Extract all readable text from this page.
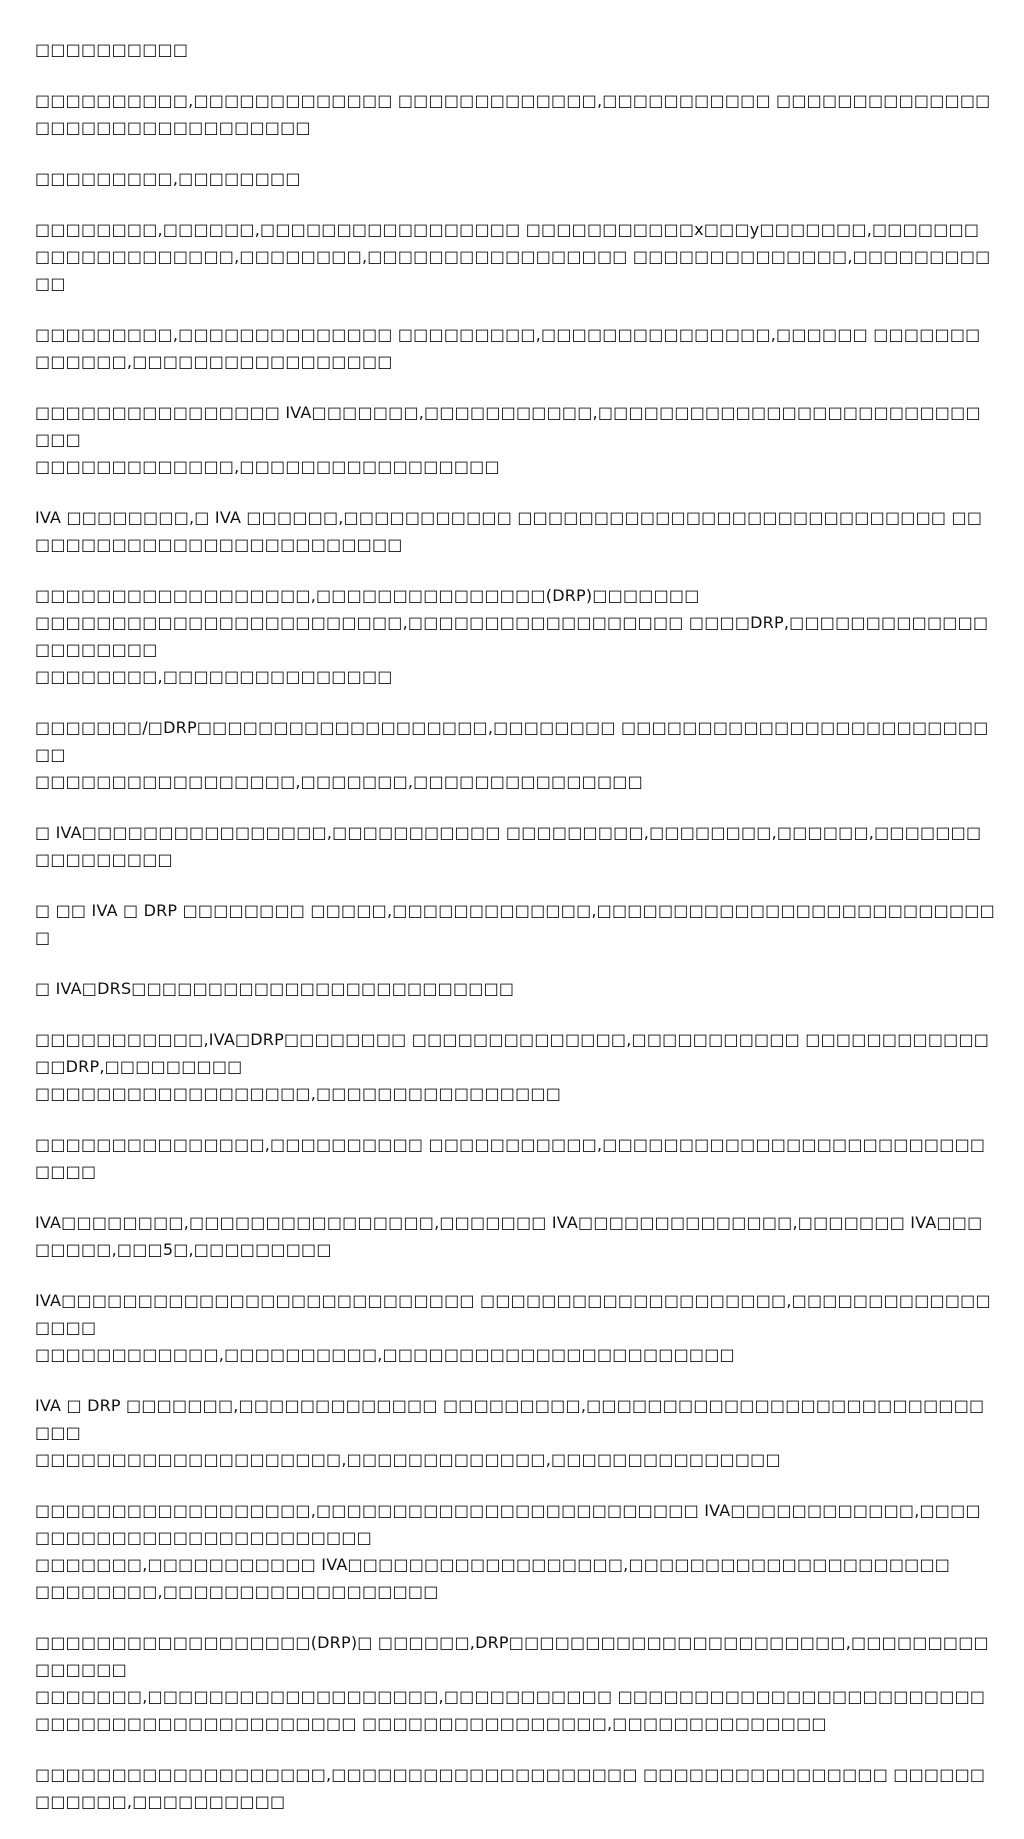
□□□□□□□□□□

□□□□□□□□□□,□□□□□□□□□□□□□ □□□□□□□□□□□□□,□□□□□□□□□□□ □□□□□□□□□□□□□□□□□□□□□□□□□□□□□□□□

□□□□□□□□□,□□□□□□□□

□□□□□□□□,□□□□□□,□□□□□□□□□□□□□□□□□ □□□□□□□□□□□x□□□y□□□□□□□,□□□□□□□
□□□□□□□□□□□□□,□□□□□□□□,□□□□□□□□□□□□□□□□□ □□□□□□□□□□□□□□,□□□□□□□□□□□

□□□□□□□□□,□□□□□□□□□□□□□□ □□□□□□□□□,□□□□□□□□□□□□□□□,□□□□□□ □□□□□□□□□□□□□,□□□□□□□□□□□□□□□□□

□□□□□□□□□□□□□□□□ IVA□□□□□□□,□□□□□□□□□□□,□□□□□□□□□□□□□□□□□□□□□□□□□□□□
□□□□□□□□□□□□□,□□□□□□□□□□□□□□□□□

IVA □□□□□□□□,□ IVA □□□□□□,□□□□□□□□□□□ □□□□□□□□□□□□□□□□□□□□□□□□□□□□ □□□□□□□□□□□□□□□□□□□□□□□□□□

□□□□□□□□□□□□□□□□□□,□□□□□□□□□□□□□□□(DRP)□□□□□□□
□□□□□□□□□□□□□□□□□□□□□□□□,□□□□□□□□□□□□□□□□□□ □□□□DRP,□□□□□□□□□□□□□□□□□□□□□
□□□□□□□□,□□□□□□□□□□□□□□□

□□□□□□□/□DRP□□□□□□□□□□□□□□□□□□□,□□□□□□□□ □□□□□□□□□□□□□□□□□□□□□□□□□□
□□□□□□□□□□□□□□□□□,□□□□□□□,□□□□□□□□□□□□□□□

□ IVA□□□□□□□□□□□□□□□□,□□□□□□□□□□□ □□□□□□□□□,□□□□□□□□,□□□□□□,□□□□□□□□□□□□□□□□

□ □□ IVA □ DRP □□□□□□□□ □□□□□,□□□□□□□□□□□□□,□□□□□□□□□□□□□□□□□□□□□□□□□□□

□ IVA□DRS□□□□□□□□□□□□□□□□□□□□□□□□□

□□□□□□□□□□□,IVA□DRP□□□□□□□□ □□□□□□□□□□□□□□,□□□□□□□□□□□ □□□□□□□□□□□□□□DRP,□□□□□□□□□
□□□□□□□□□□□□□□□□□□,□□□□□□□□□□□□□□□□

□□□□□□□□□□□□□□□,□□□□□□□□□□ □□□□□□□□□□□,□□□□□□□□□□□□□□□□□□□□□□□□□□□□□

IVA□□□□□□□□,□□□□□□□□□□□□□□□□,□□□□□□□ IVA□□□□□□□□□□□□□□,□□□□□□□ IVA□□□□□□□□,□□□5□,□□□□□□□□□

IVA□□□□□□□□□□□□□□□□□□□□□□□□□□□ □□□□□□□□□□□□□□□□□□□□,□□□□□□□□□□□□□□□□□
□□□□□□□□□□□□,□□□□□□□□□□,□□□□□□□□□□□□□□□□□□□□□□□

IVA □ DRP □□□□□□□,□□□□□□□□□□□□□ □□□□□□□□□,□□□□□□□□□□□□□□□□□□□□□□□□□□□□□
□□□□□□□□□□□□□□□□□□□□,□□□□□□□□□□□□□,□□□□□□□□□□□□□□□

□□□□□□□□□□□□□□□□□□,□□□□□□□□□□□□□□□□□□□□□□□□□ IVA□□□□□□□□□□□□,□□□□□□□□□□□□□□□□□□□□□□□□□□
□□□□□□□,□□□□□□□□□□□ IVA□□□□□□□□□□□□□□□□□□,□□□□□□□□□□□□□□□□□□□□□
□□□□□□□□,□□□□□□□□□□□□□□□□□□

□□□□□□□□□□□□□□□□□□(DRP)□ □□□□□□,DRP□□□□□□□□□□□□□□□□□□□□□□,□□□□□□□□□□□□□□□
□□□□□□□,□□□□□□□□□□□□□□□□□□□,□□□□□□□□□□□ □□□□□□□□□□□□□□□□□□□□□□□□
□□□□□□□□□□□□□□□□□□□□□ □□□□□□□□□□□□□□□□,□□□□□□□□□□□□□□

□□□□□□□□□□□□□□□□□□□,□□□□□□□□□□□□□□□□□□□□ □□□□□□□□□□□□□□□□ □□□□□□□□□□□□,□□□□□□□□□□
